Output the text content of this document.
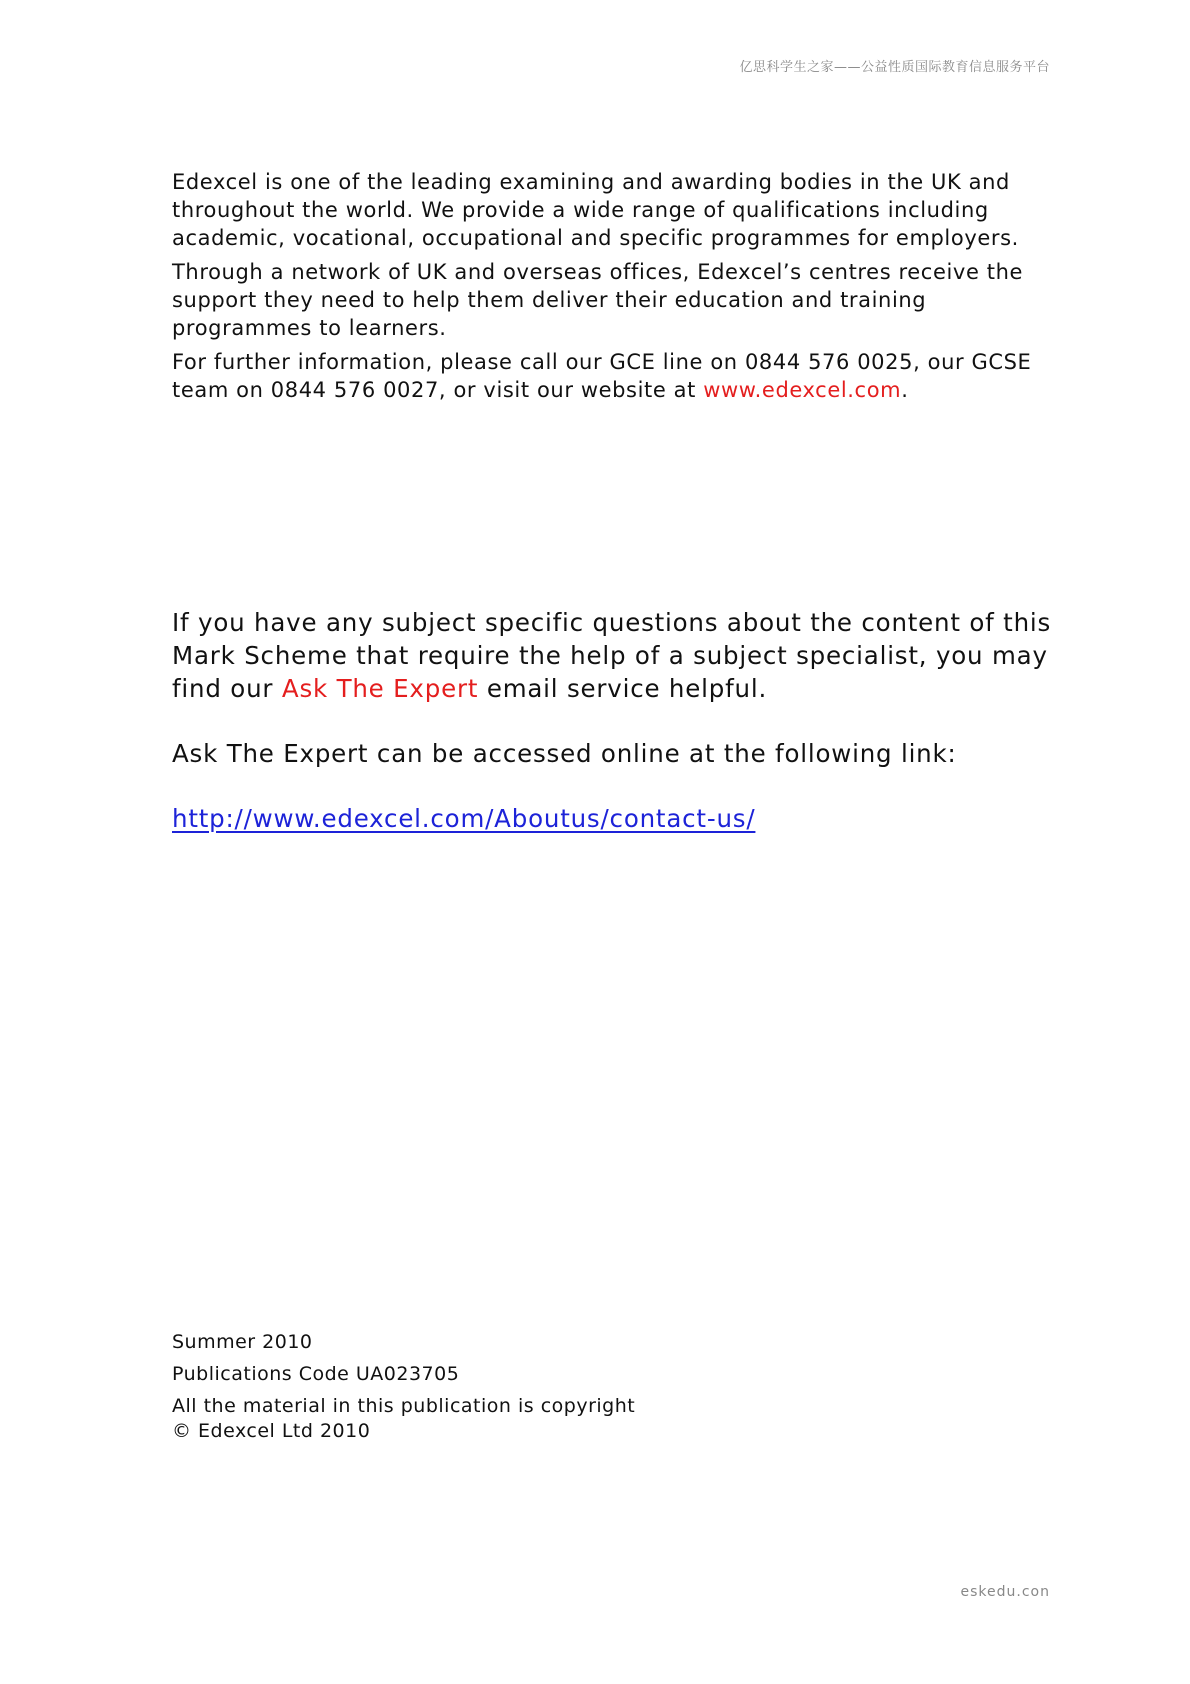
亿思科学生之家——公益性质国际教育信息服务平台

Edexcel is one of the leading examining and awarding bodies in the UK and throughout the world. We provide a wide range of qualifications including academic, vocational, occupational and specific programmes for employers.

Through a network of UK and overseas offices, Edexcel’s centres receive the support they need to help them deliver their education and training programmes to learners.

For further information, please call our GCE line on 0844 576 0025, our GCSE team on 0844 576 0027, or visit our website at www.edexcel.com.

If you have any subject specific questions about the content of this Mark Scheme that require the help of a subject specialist, you may find our Ask The Expert email service helpful.

Ask The Expert can be accessed online at the following link:

http://www.edexcel.com/Aboutus/contact-us/

Summer 2010
Publications Code UA023705
All the material in this publication is copyright
© Edexcel Ltd 2010
eskedu.con
